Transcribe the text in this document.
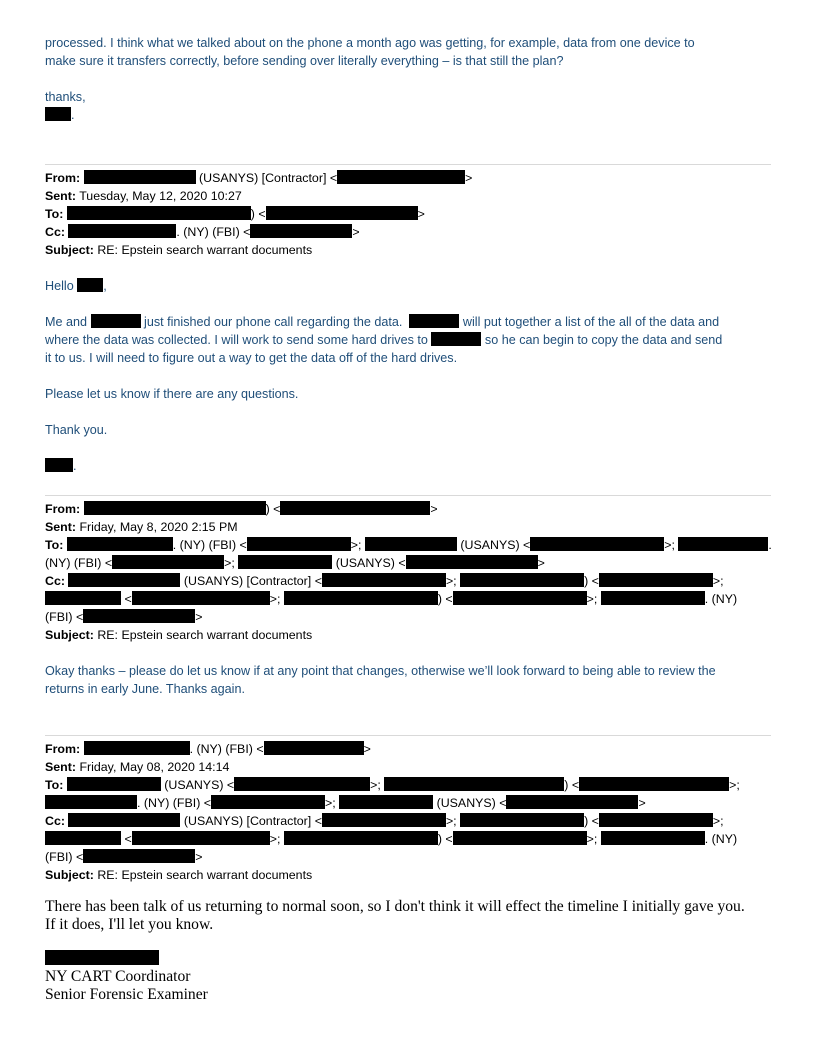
processed. I think what we talked about on the phone a month ago was getting, for example, data from one device to

make sure it transfers correctly, before sending over literally everything – is that still the plan?

thanks,

.

From:	(USANYS) [Contractor] <	>

Sent: Tuesday, May 12, 2020 10:27

To:	) <	>

Cc:	. (NY) (FBI) <	>

Subject: RE: Epstein search warrant documents

Hello ,

Me and	just finished our phone call regarding the data.	will put together a list of the all of the data and

where the data was collected. I will work to send some hard drives to	so he can begin to copy the data and send

it to us. I will need to figure out a way to get the data off of the hard drives.

Please let us know if there are any questions.

Thank you.

.

From:	) <	>

Sent: Friday, May 8, 2020 2:15 PM

To:	. (NY) (FBI) <	>;	(USANYS) <	>;	.

(NY) (FBI) <	>;	(USANYS) <	>

Cc:	(USANYS) [Contractor] <	>;	) <	>;

<	>;	) <	>;	. (NY)

(FBI) <	>

Subject: RE: Epstein search warrant documents

Okay thanks – please do let us know if at any point that changes, otherwise we’ll look forward to being able to review the

returns in early June. Thanks again.

From:	. (NY) (FBI) <	>

Sent: Friday, May 08, 2020 14:14

To:	(USANYS) <	>;	) <	>;

. (NY) (FBI) <	>;	(USANYS) <	>

Cc:	(USANYS) [Contractor] <	>;	) <	>;

<	>;	) <	>;	. (NY)

(FBI) <	>

Subject: RE: Epstein search warrant documents

There has been talk of us returning to normal soon, so I don't think it will effect the timeline I initially gave you.

If it does, I'll let you know.

NY CART Coordinator

Senior Forensic Examiner
